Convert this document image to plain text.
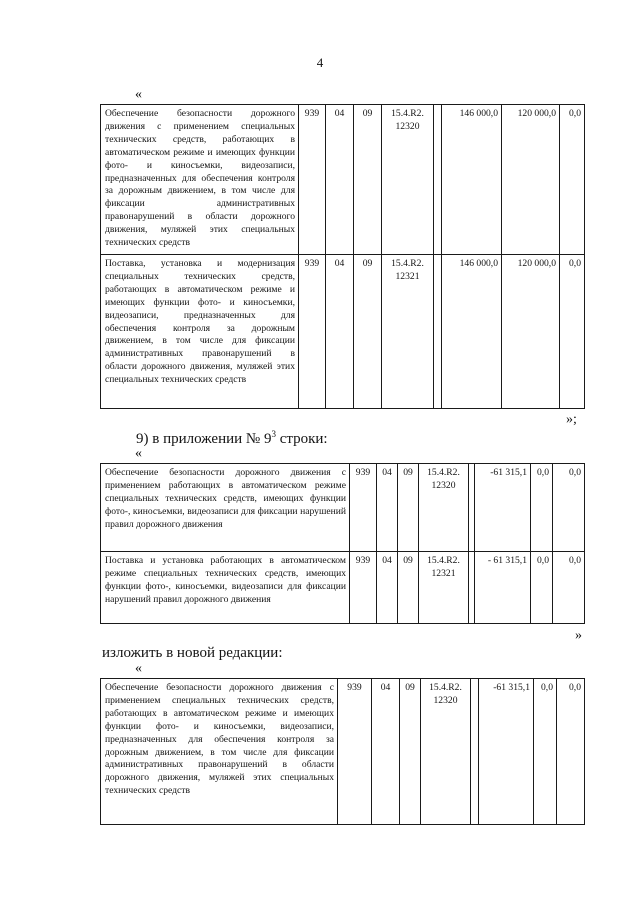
4
«
Обеспечение безопасности дорожного движения с применением специальных технических средств, работающих в автоматическом режиме и имеющих функции фото- и киносъемки, видеозаписи, предназначенных для обеспечения контроля за дорожным движением, в том числе для фиксации административных правонарушений в области дорожного движения, муляжей этих специальных технических средств	939	04	09	15.4.R2. 12320		146 000,0	120 000,0	0,0
Поставка, установка и модернизация специальных технических средств, работающих в автоматическом режиме и имеющих функции фото- и киносъемки, видеозаписи, предназначенных для обеспечения контроля за дорожным движением, в том числе для фиксации административных правонарушений в области дорожного движения, муляжей этих специальных технических средств	939	04	09	15.4.R2. 12321		146 000,0	120 000,0	0,0
»;
9) в приложении № $9^3$ строки:
«
Обеспечение безопасности дорожного движения с применением работающих в автоматическом режиме специальных технических средств, имеющих функции фото-, киносъемки, видеозаписи для фиксации нарушений правил дорожного движения	939	04	09	15.4.R2. 12320		-61 315,1	0,0	0,0
Поставка и установка работающих в автоматическом режиме специальных технических средств, имеющих функции фото-, киносъемки, видеозаписи для фиксации нарушений правил дорожного движения	939	04	09	15.4.R2. 12321		- 61 315,1	0,0	0,0
»
изложить в новой редакции:
«
Обеспечение безопасности дорожного движения с применением специальных технических средств, работающих в автоматическом режиме и имеющих функции фото- и киносъемки, видеозаписи, предназначенных для обеспечения контроля за дорожным движением, в том числе для фиксации административных правонарушений в области дорожного движения, муляжей этих специальных технических средств	939	04	09	15.4.R2. 12320		-61 315,1	0,0	0,0
